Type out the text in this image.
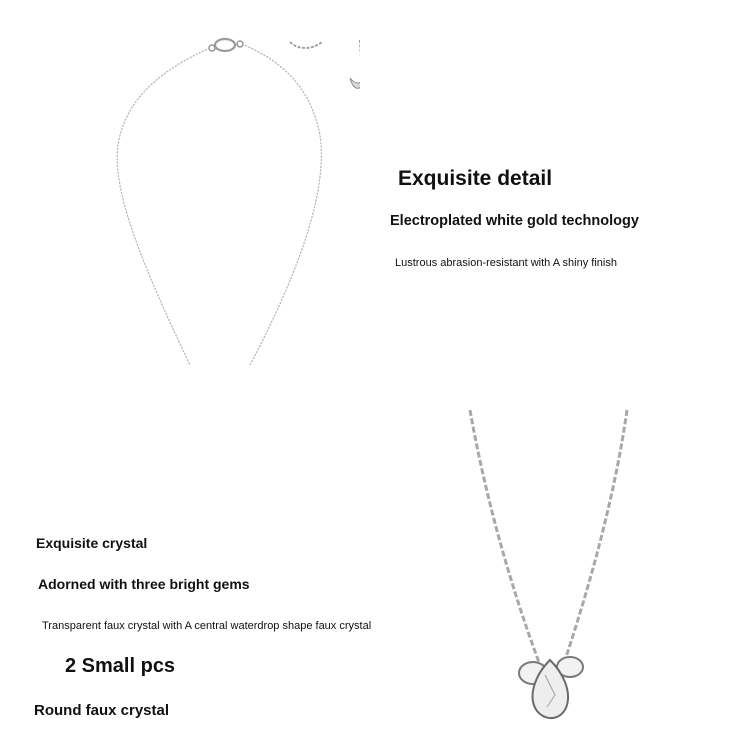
Exquisite detail
Electroplated white gold technology
Lustrous abrasion-resistant with A shiny finish
Exquisite crystal
Adorned with three bright gems
Transparent faux crystal with A central waterdrop shape faux crystal
2 Small pcs
Round faux crystal
